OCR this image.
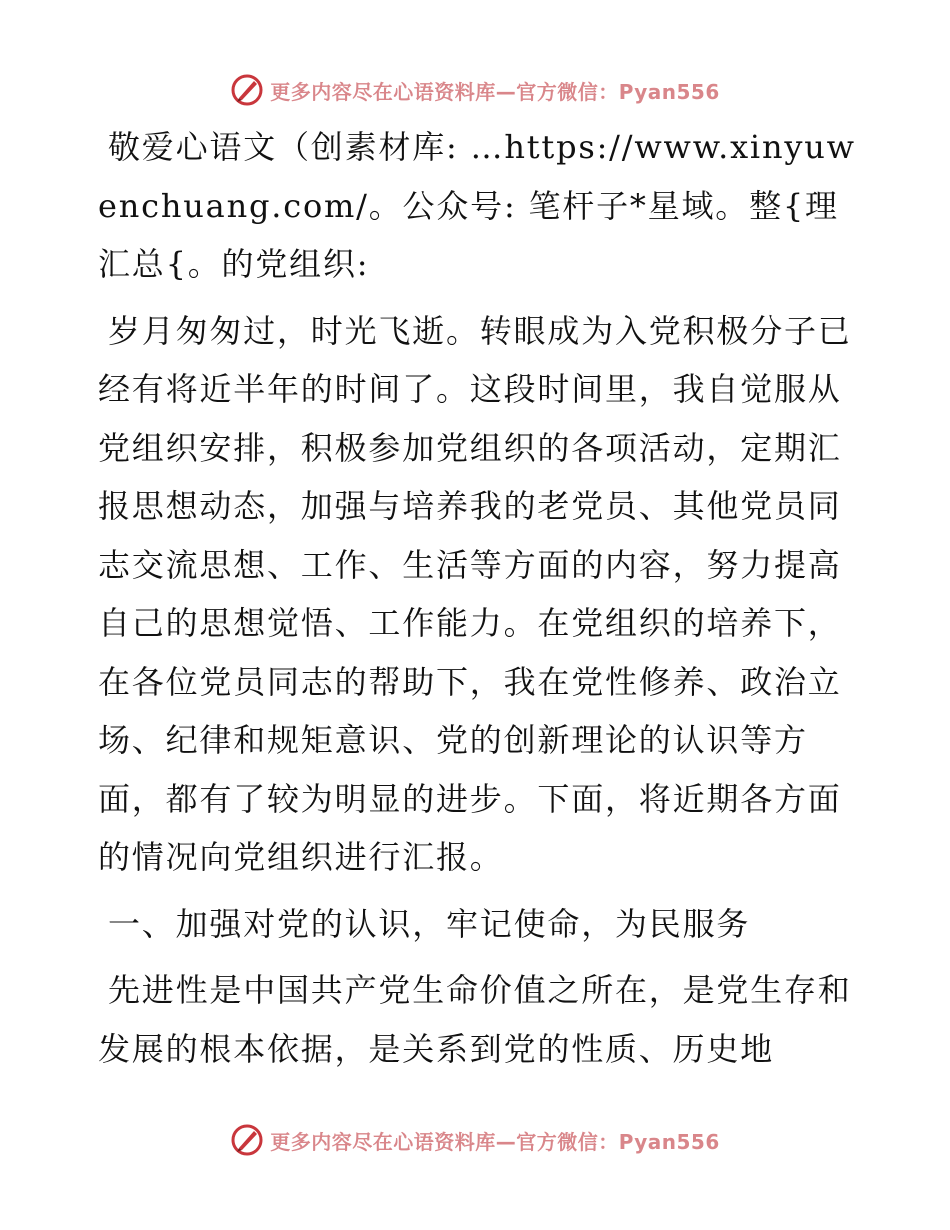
更多内容尽在心语资料库—官方微信：Pyan556

敬爱心语文（创素材库: …https://www.xinyuwenchuang.com/。公众号: 笔杆子*星域。整{理汇总{。的党组织:

岁月匆匆过，时光飞逝。转眼成为入党积极分子已经有将近半年的时间了。这段时间里，我自觉服从党组织安排，积极参加党组织的各项活动，定期汇报思想动态，加强与培养我的老党员、其他党员同志交流思想、工作、生活等方面的内容，努力提高自己的思想觉悟、工作能力。在党组织的培养下，在各位党员同志的帮助下，我在党性修养、政治立场、纪律和规矩意识、党的创新理论的认识等方面，都有了较为明显的进步。下面，将近期各方面的情况向党组织进行汇报。

一、加强对党的认识，牢记使命，为民服务

先进性是中国共产党生命价值之所在，是党生存和发展的根本依据，是关系到党的性质、历史地

更多内容尽在心语资料库—官方微信：Pyan556
